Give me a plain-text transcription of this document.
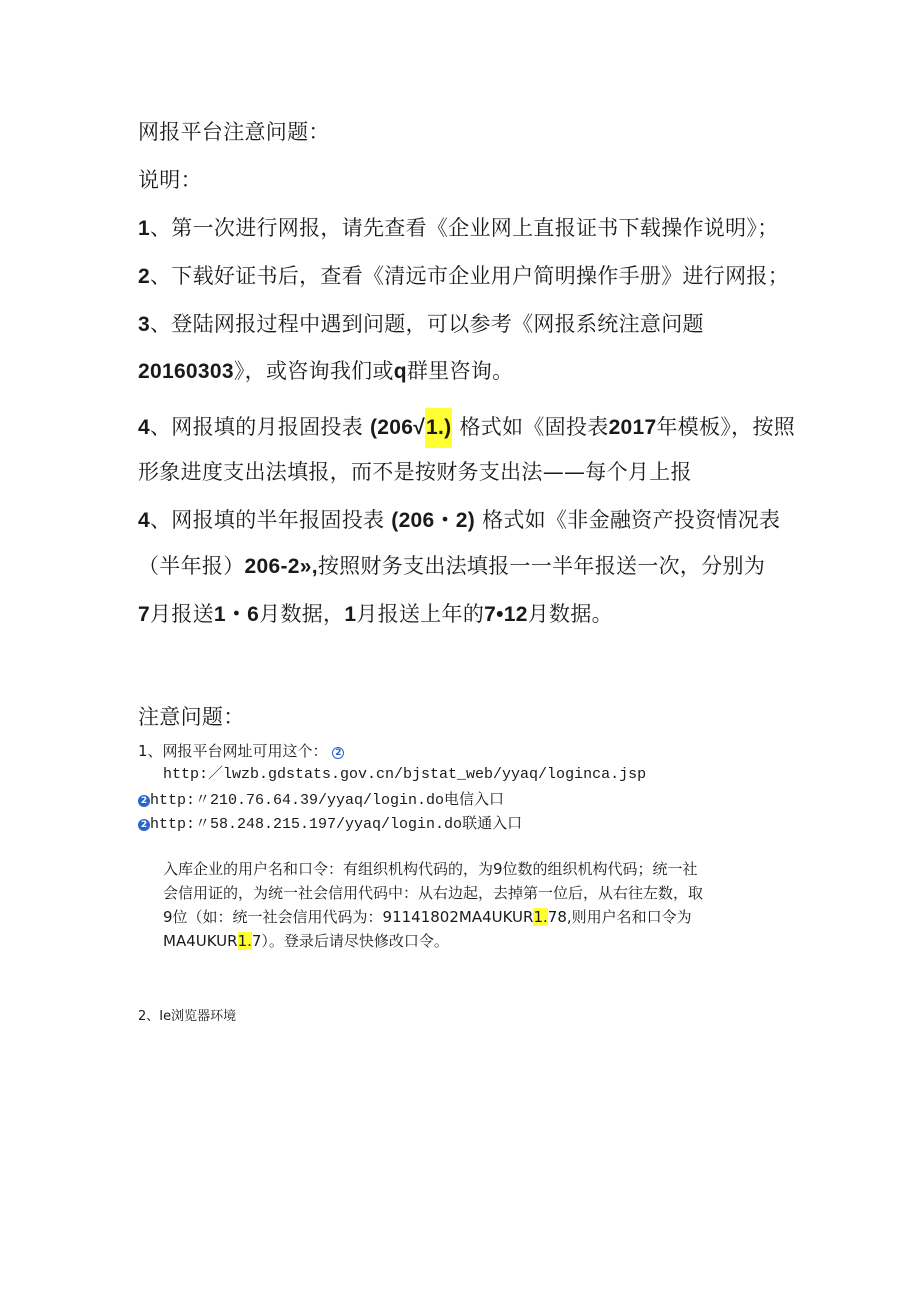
网报平台注意问题：
说明：
1、第一次进行网报，请先查看《企业网上直报证书下载操作说明》；
2、下载好证书后，查看《清远市企业用户简明操作手册》进行网报；
3、登陆网报过程中遇到问题，可以参考《网报系统注意问题
20160303》，或咨询我们或q群里咨询。
4、网报填的月报固投表 (206√1.) 格式如《固投表2017年模板》，按照
形象进度支出法填报，而不是按财务支出法——每个月上报
4、网报填的半年报固投表 (206・2) 格式如《非金融资产投资情况表
（半年报）206-2»,按照财务支出法填报一一半年报送一次，分别为
7月报送1・6月数据，1月报送上年的7•12月数据。
注意问题：
1、网报平台网址可用这个： 2
http:／lwzb.gdstats.gov.cn/bjstat_web/yyaq/loginca.jsp
2 http:〃210.76.64.39/yyaq/login.do电信入口
2 http:〃58.248.215.197/yyaq/login.do联通入口
入库企业的用户名和口令：有组织机构代码的，为9位数的组织机构代码；统一社
会信用证的，为统一社会信用代码中：从右边起，去掉第一位后，从右往左数，取
9位（如：统一社会信用代码为：91141802MA4UKUR1.78,则用户名和口令为
MA4UKUR1.7）。登录后请尽快修改口令。
2、Ie浏览器环境
